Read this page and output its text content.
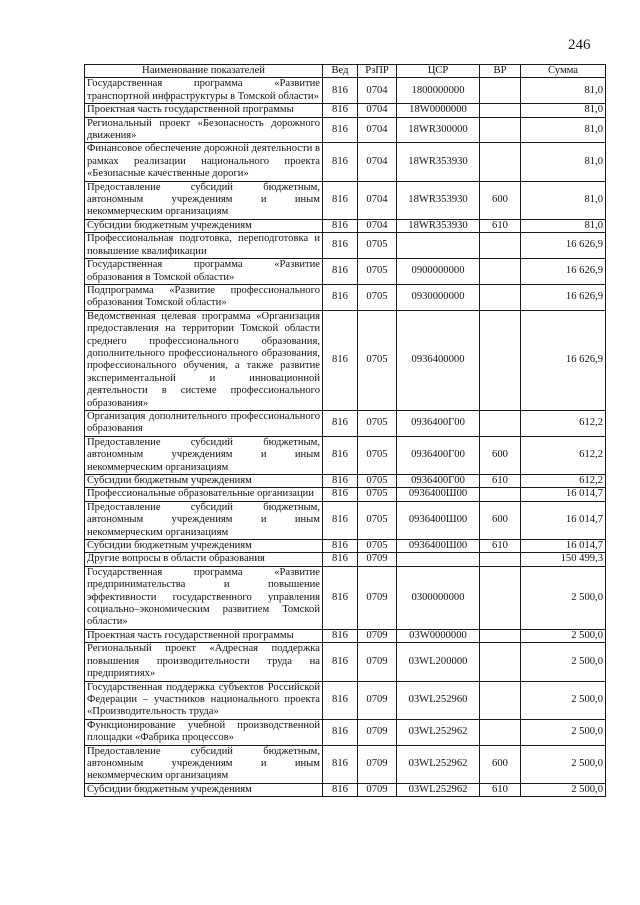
246
Наименование показателей	Вед	РзПР	ЦСР	ВР	Сумма
Государственная программа «Развитие транспортной инфраструктуры в Томской области»	816	0704	1800000000		81,0
Проектная часть государственной программы	816	0704	18W0000000		81,0
Региональный проект «Безопасность дорожного движения»	816	0704	18WR300000		81,0
Финансовое обеспечение дорожной деятельности в рамках реализации национального проекта «Безопасные качественные дороги»	816	0704	18WR353930		81,0
Предоставление субсидий бюджетным, автономным учреждениям и иным некоммерческим организациям	816	0704	18WR353930	600	81,0
Субсидии бюджетным учреждениям	816	0704	18WR353930	610	81,0
Профессиональная подготовка, переподготовка и повышение квалификации	816	0705			16 626,9
Государственная программа «Развитие образования в Томской области»	816	0705	0900000000		16 626,9
Подпрограмма «Развитие профессионального образования Томской области»	816	0705	0930000000		16 626,9
Ведомственная целевая программа «Организация предоставления на территории Томской области среднего профессионального образования, дополнительного профессионального образования, профессионального обучения, а также развитие экспериментальной и инновационной деятельности в системе профессионального образования»	816	0705	0936400000		16 626,9
Организация дополнительного профессионального образования	816	0705	0936400Г00		612,2
Предоставление субсидий бюджетным, автономным учреждениям и иным некоммерческим организациям	816	0705	0936400Г00	600	612,2
Субсидии бюджетным учреждениям	816	0705	0936400Г00	610	612,2
Профессиональные образовательные организации	816	0705	0936400Ш00		16 014,7
Предоставление субсидий бюджетным, автономным учреждениям и иным некоммерческим организациям	816	0705	0936400Ш00	600	16 014,7
Субсидии бюджетным учреждениям	816	0705	0936400Ш00	610	16 014,7
Другие вопросы в области образования	816	0709			150 499,3
Государственная программа «Развитие предпринимательства и повышение эффективности государственного управления социально–экономическим развитием Томской области»	816	0709	0300000000		2 500,0
Проектная часть государственной программы	816	0709	03W0000000		2 500,0
Региональный проект «Адресная поддержка повышения производительности труда на предприятиях»	816	0709	03WL200000		2 500,0
Государственная поддержка субъектов Российской Федерации – участников национального проекта «Производительность труда»	816	0709	03WL252960		2 500,0
Функционирование учебной производственной площадки «Фабрика процессов»	816	0709	03WL252962		2 500,0
Предоставление субсидий бюджетным, автономным учреждениям и иным некоммерческим организациям	816	0709	03WL252962	600	2 500,0
Субсидии бюджетным учреждениям	816	0709	03WL252962	610	2 500,0
